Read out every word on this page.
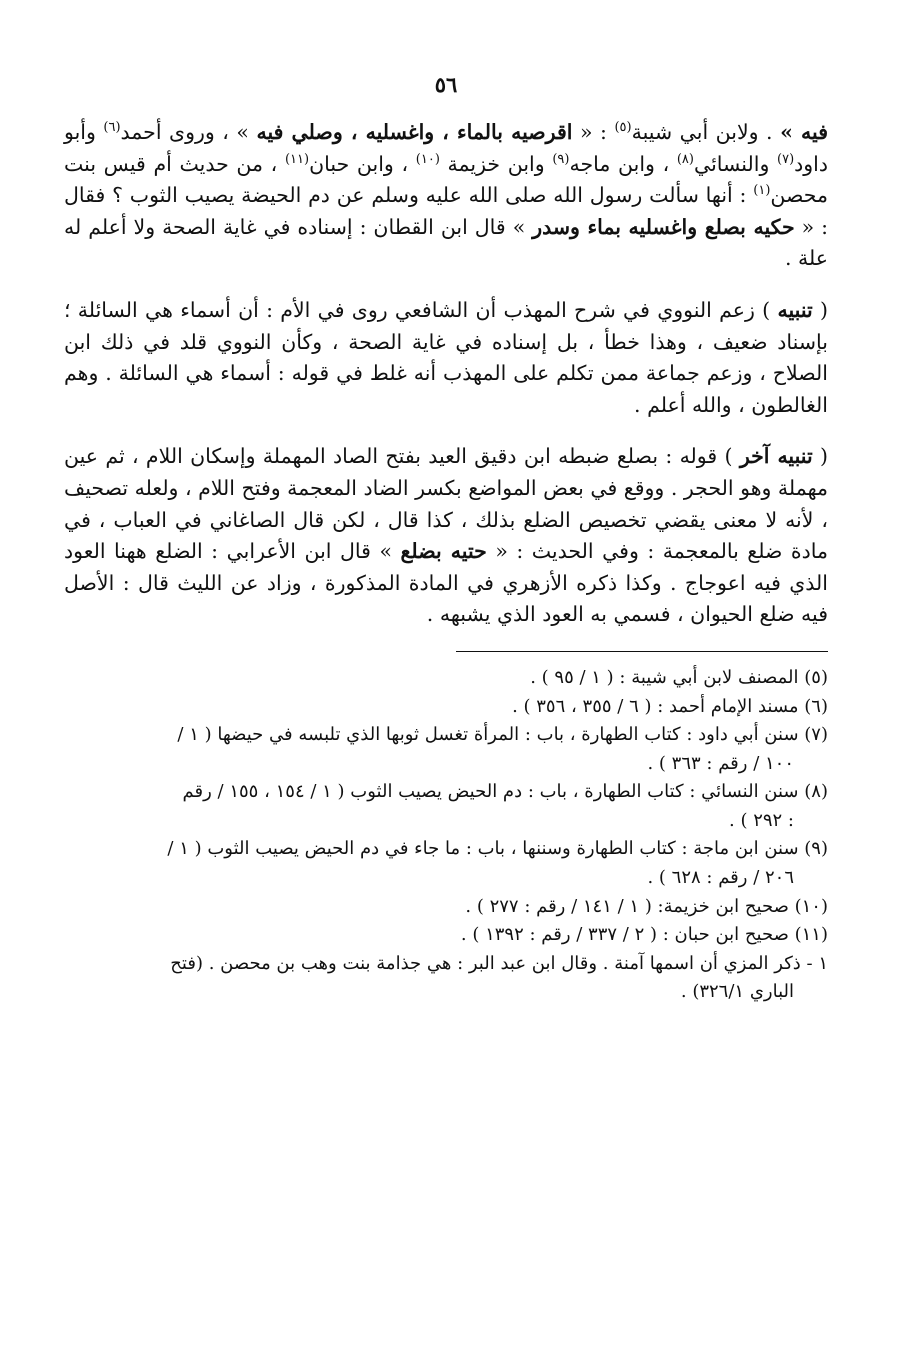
٥٦

فيه » . ولابن أبي شيبة$^{(٥)}$ : « اقرصيه بالماء ، واغسليه ، وصلي فيه » ، وروى أحمد$^{(٦)}$ وأبو داود$^{(٧)}$ والنسائي$^{(٨)}$ ، وابن ماجه$^{(٩)}$ وابن خزيمة $^{(١٠)}$ ، وابن حبان$^{(١١)}$ ، من حديث أم قيس بنت محصن$^{(١)}$ : أنها سألت رسول الله صلى الله عليه وسلم عن دم الحيضة يصيب الثوب ؟ فقال : « حكيه بصلع واغسليه بماء وسدر » قال ابن القطان : إسناده في غاية الصحة ولا أعلم له علة .

( تنبيه ) زعم النووي في شرح المهذب أن الشافعي روى في الأم : أن أسماء هي السائلة ؛ بإسناد ضعيف ، وهذا خطأ ، بل إسناده في غاية الصحة ، وكأن النووي قلد في ذلك ابن الصلاح ، وزعم جماعة ممن تكلم على المهذب أنه غلط في قوله : أسماء هي السائلة . وهم الغالطون ، والله أعلم .

( تنبيه آخر ) قوله : بصلع ضبطه ابن دقيق العيد بفتح الصاد المهملة وإسكان اللام ، ثم عين مهملة وهو الحجر . ووقع في بعض المواضع بكسر الضاد المعجمة وفتح اللام ، ولعله تصحيف ، لأنه لا معنى يقضي تخصيص الضلع بذلك ، كذا قال ، لكن قال الصاغاني في العباب ، في مادة ضلع بالمعجمة : وفي الحديث : « حتيه بضلع » قال ابن الأعرابي : الضلع ههنا العود الذي فيه اعوجاج . وكذا ذكره الأزهري في المادة المذكورة ، وزاد عن الليث قال : الأصل فيه ضلع الحيوان ، فسمي به العود الذي يشبهه .

(٥) المصنف لابن أبي شيبة : ( ١ / ٩٥ ) .

(٦) مسند الإمام أحمد : ( ٦ / ٣٥٥ ، ٣٥٦ ) .

(٧) سنن أبي داود : كتاب الطهارة ، باب : المرأة تغسل ثوبها الذي تلبسه في حيضها ( ١ /
١٠٠ / رقم : ٣٦٣ ) .

(٨) سنن النسائي : كتاب الطهارة ، باب : دم الحيض يصيب الثوب ( ١ / ١٥٤ ، ١٥٥ / رقم
: ٢٩٢ ) .

(٩) سنن ابن ماجة : كتاب الطهارة وسننها ، باب : ما جاء في دم الحيض يصيب الثوب ( ١ /
٢٠٦ / رقم : ٦٢٨ ) .

(١٠) صحيح ابن خزيمة: ( ١ / ١٤١ / رقم : ٢٧٧ ) .

(١١) صحيح ابن حبان : ( ٢ / ٣٣٧ / رقم : ١٣٩٢ ) .

١ - ذكر المزي أن اسمها آمنة . وقال ابن عبد البر : هي جذامة بنت وهب بن محصن . (فتح
الباري ٣٢٦/١) .
